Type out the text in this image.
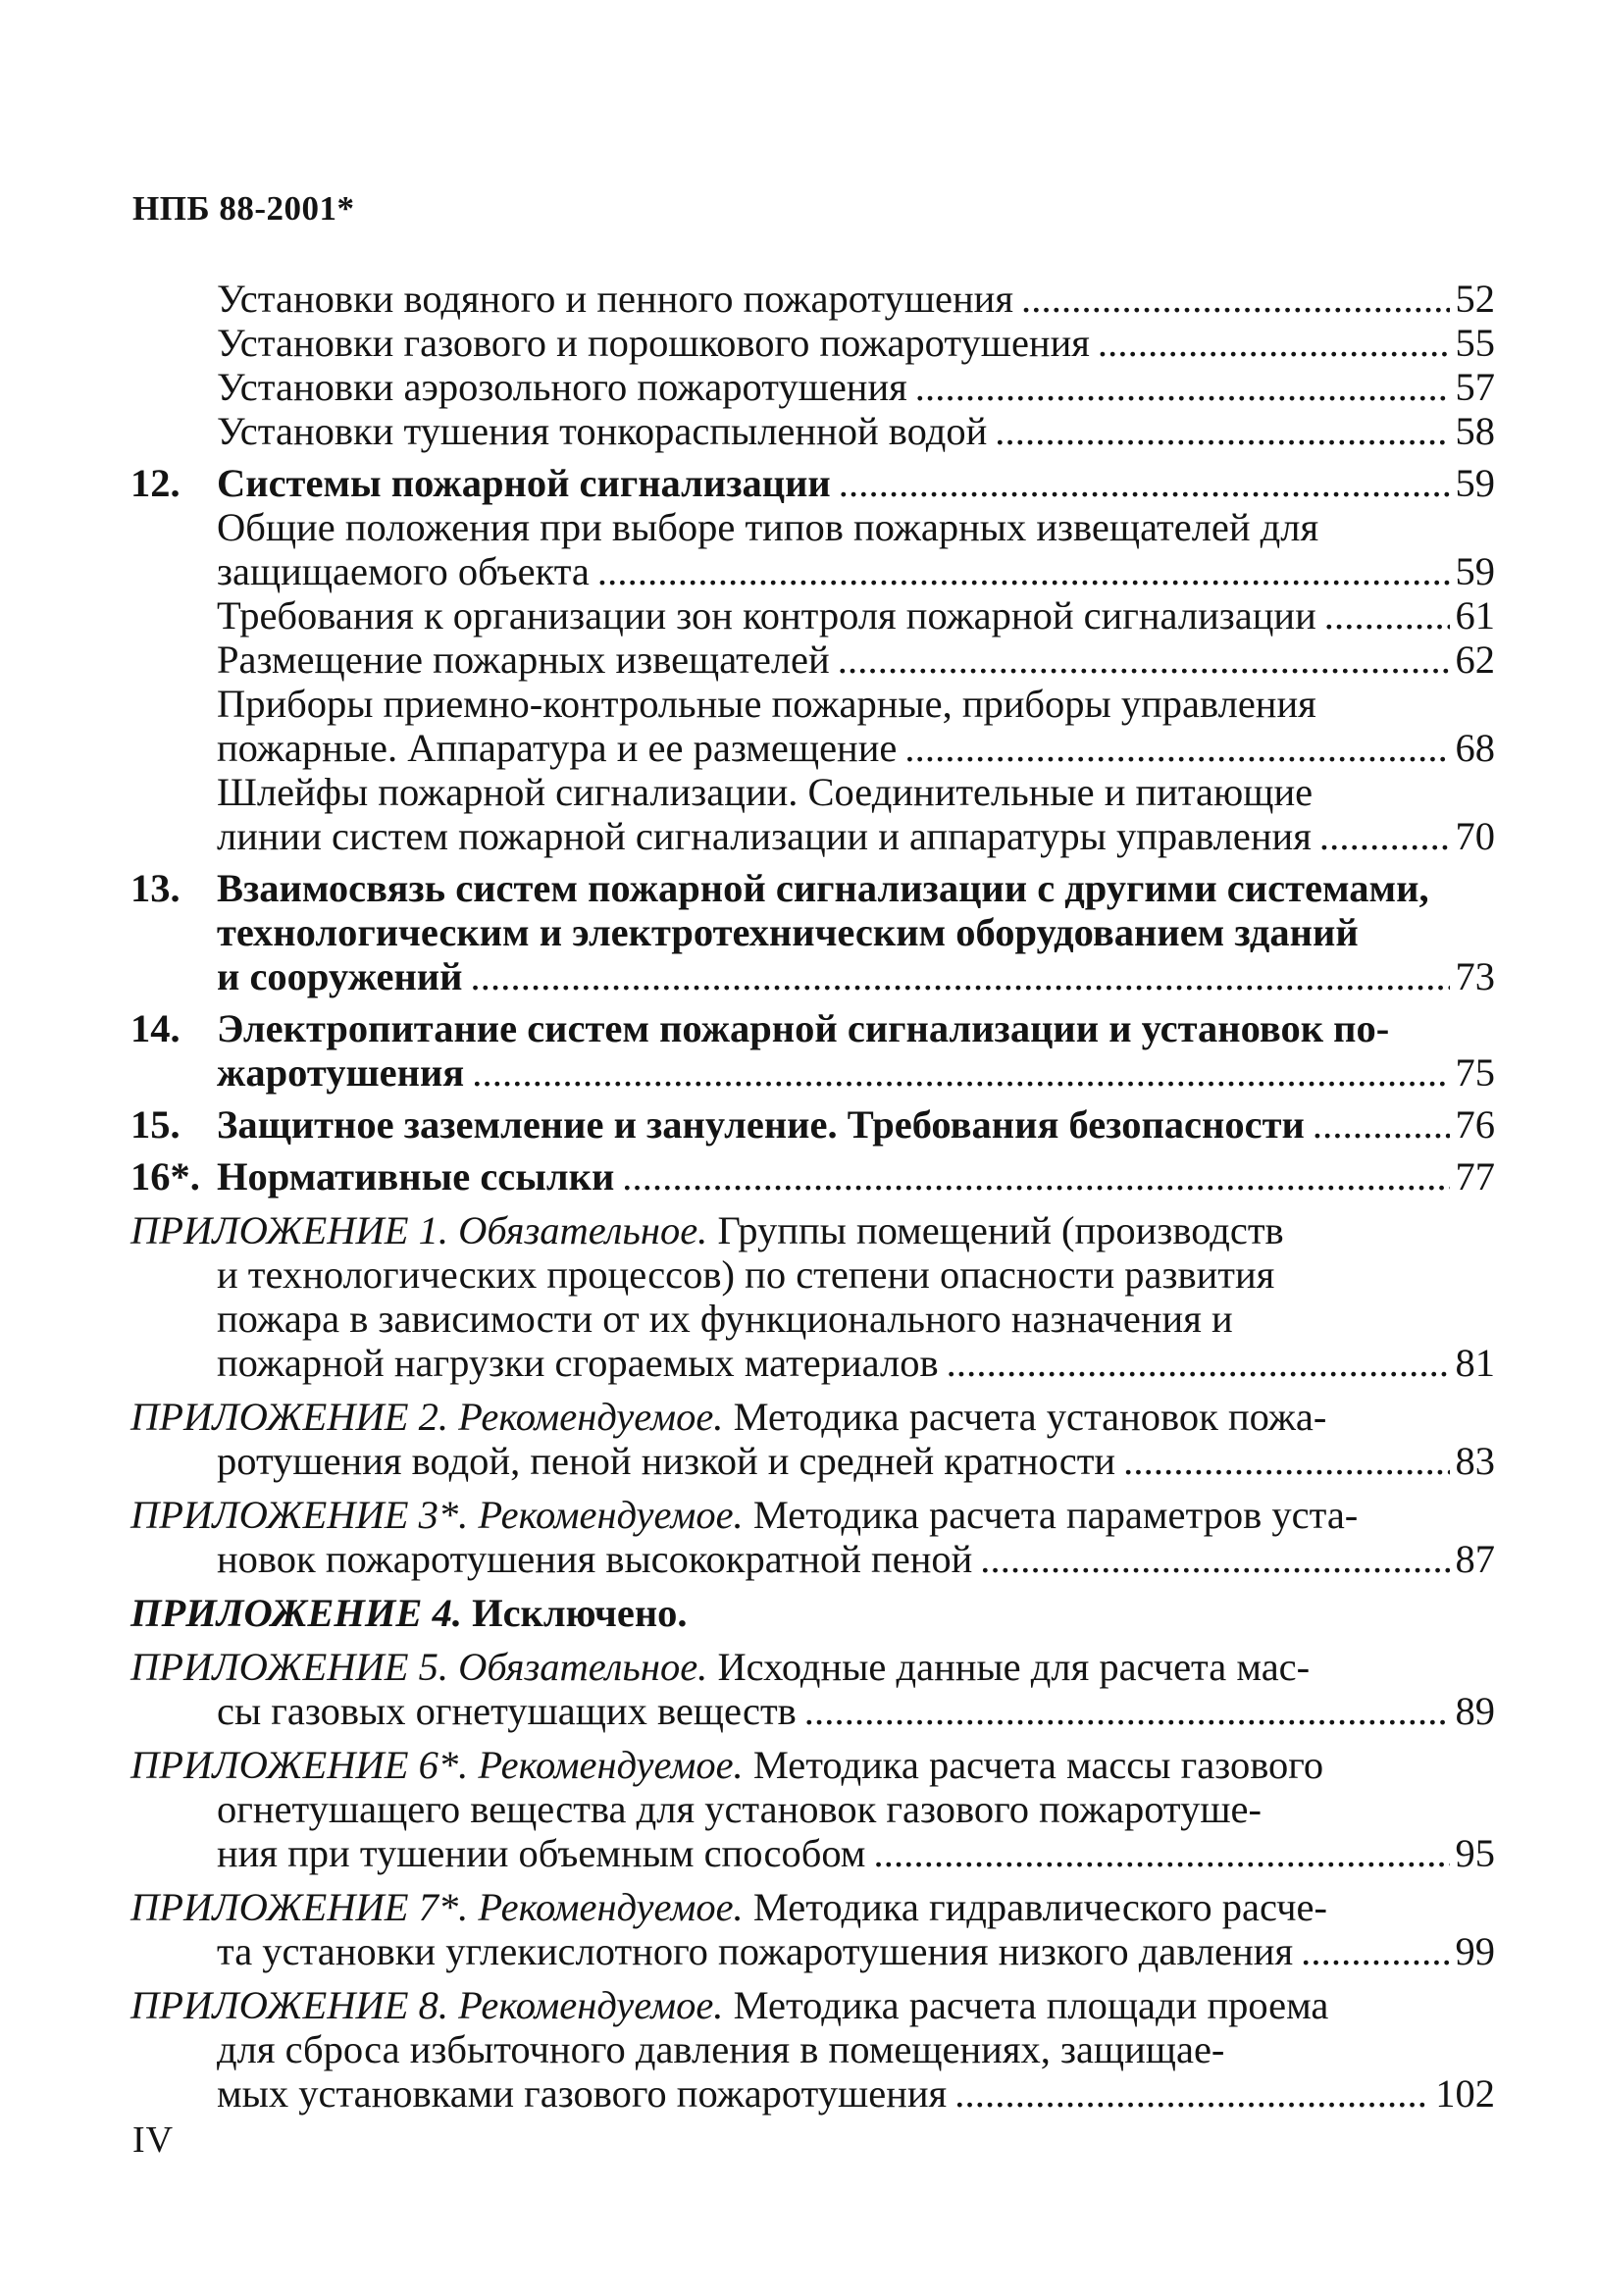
НПБ 88-2001*
Установки водяного и пенного пожаротушения . . .	52
Установки газового и порошкового пожаротушения . . .	55
Установки аэрозольного пожаротушения . . .	57
Установки тушения тонкораспыленной водой . . .	58
12. Системы пожарной сигнализации . . .	59
Общие положения при выборе типов пожарных извещателей для
защищаемого объекта . . .	59
Требования к организации зон контроля пожарной сигнализации . . .	61
Размещение пожарных извещателей . . .	62
Приборы приемно-контрольные пожарные, приборы управления
пожарные. Аппаратура и ее размещение . . .	68
Шлейфы пожарной сигнализации. Соединительные и питающие
линии систем пожарной сигнализации и аппаратуры управления . . .	70
13. Взаимосвязь систем пожарной сигнализации с другими системами,
технологическим и электротехническим оборудованием зданий
и сооружений . . .	73
14. Электропитание систем пожарной сигнализации и установок по-
жаротушения . . .	75
15. Защитное заземление и зануление. Требования безопасности . . .	76
16*. Нормативные ссылки . . .	77
ПРИЛОЖЕНИЕ 1. Обязательное. Группы помещений (производств
и технологических процессов) по степени опасности развития
пожара в зависимости от их функционального назначения и
пожарной нагрузки сгораемых материалов . . .	81
ПРИЛОЖЕНИЕ 2. Рекомендуемое. Методика расчета установок пожа-
ротушения водой, пеной низкой и средней кратности . . .	83
ПРИЛОЖЕНИЕ 3*. Рекомендуемое. Методика расчета параметров уста-
новок пожаротушения высокократной пеной . . .	87
ПРИЛОЖЕНИЕ 4. Исключено.
ПРИЛОЖЕНИЕ 5. Обязательное. Исходные данные для расчета мас-
сы газовых огнетушащих веществ . . .	89
ПРИЛОЖЕНИЕ 6*. Рекомендуемое. Методика расчета массы газового
огнетушащего вещества для установок газового пожаротуше-
ния при тушении объемным способом . . .	95
ПРИЛОЖЕНИЕ 7*. Рекомендуемое. Методика гидравлического расче-
та установки углекислотного пожаротушения низкого давления . . .	99
ПРИЛОЖЕНИЕ 8. Рекомендуемое. Методика расчета площади проема
для сброса избыточного давления в помещениях, защищае-
мых установками газового пожаротушения . . .	102
IV
